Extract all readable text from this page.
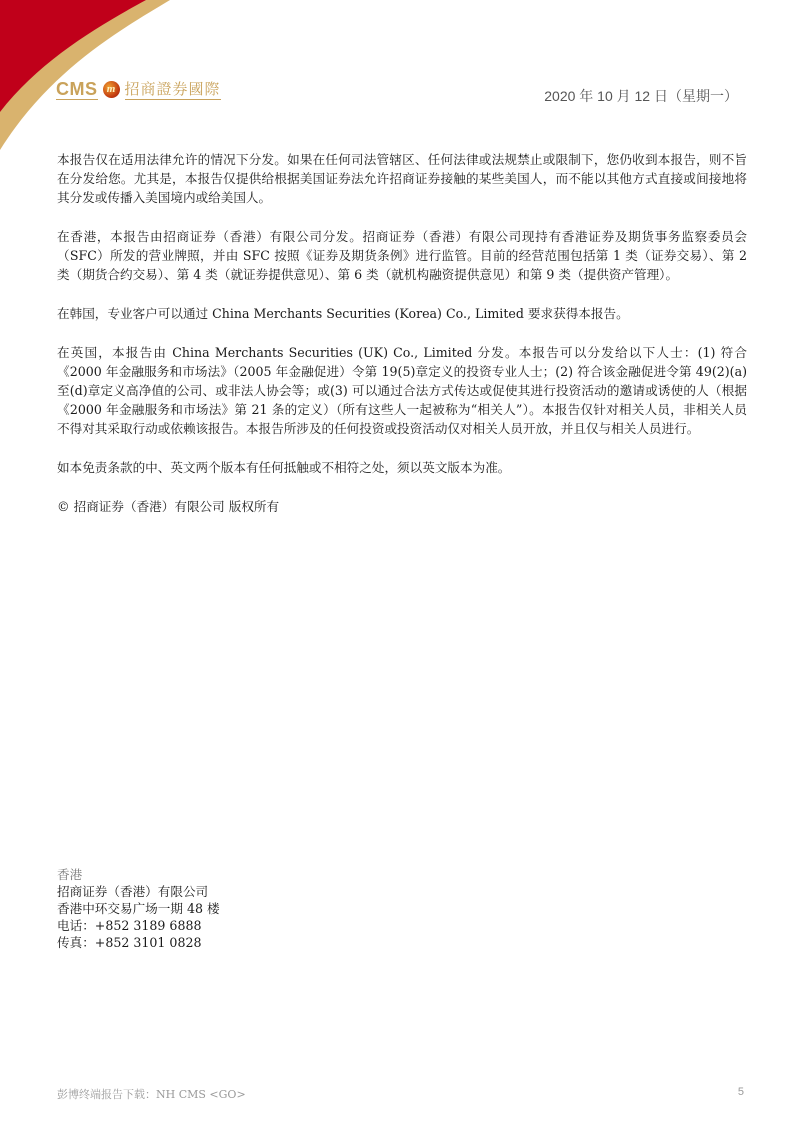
CMS m 招商證券國際	2020 年 10 月 12 日（星期一）

本报告仅在适用法律允许的情况下分发。如果在任何司法管辖区、任何法律或法规禁止或限制下，您仍收到本报告，则不旨在分发给您。尤其是，本报告仅提供给根据美国证券法允许招商证券接触的某些美国人，而不能以其他方式直接或间接地将其分发或传播入美国境内或给美国人。

在香港，本报告由招商证券（香港）有限公司分发。招商证券（香港）有限公司现持有香港证券及期货事务监察委员会（SFC）所发的营业牌照，并由 SFC 按照《证券及期货条例》进行监管。目前的经营范围包括第 1 类（证券交易）、第 2 类（期货合约交易）、第 4 类（就证券提供意见）、第 6 类（就机构融资提供意见）和第 9 类（提供资产管理）。

在韩国，专业客户可以通过 China Merchants Securities (Korea) Co., Limited 要求获得本报告。

在英国，本报告由 China Merchants Securities (UK) Co., Limited 分发。本报告可以分发给以下人士：(1) 符合《2000 年金融服务和市场法》（2005 年金融促进）令第 19(5)章定义的投资专业人士；(2) 符合该金融促进令第 49(2)(a)至(d)章定义高净值的公司、或非法人协会等；或(3) 可以通过合法方式传达或促使其进行投资活动的邀请或诱使的人（根据《2000 年金融服务和市场法》第 21 条的定义）（所有这些人一起被称为“相关人”）。本报告仅针对相关人员，非相关人员不得对其采取行动或依赖该报告。本报告所涉及的任何投资或投资活动仅对相关人员开放，并且仅与相关人员进行。

如本免责条款的中、英文两个版本有任何抵触或不相符之处，须以英文版本为准。

© 招商证券（香港）有限公司 版权所有

香港
招商证券（香港）有限公司
香港中环交易广场一期 48 楼
电话：+852 3189 6888
传真：+852 3101 0828
彭博终端报告下载：NH CMS <GO>	5
